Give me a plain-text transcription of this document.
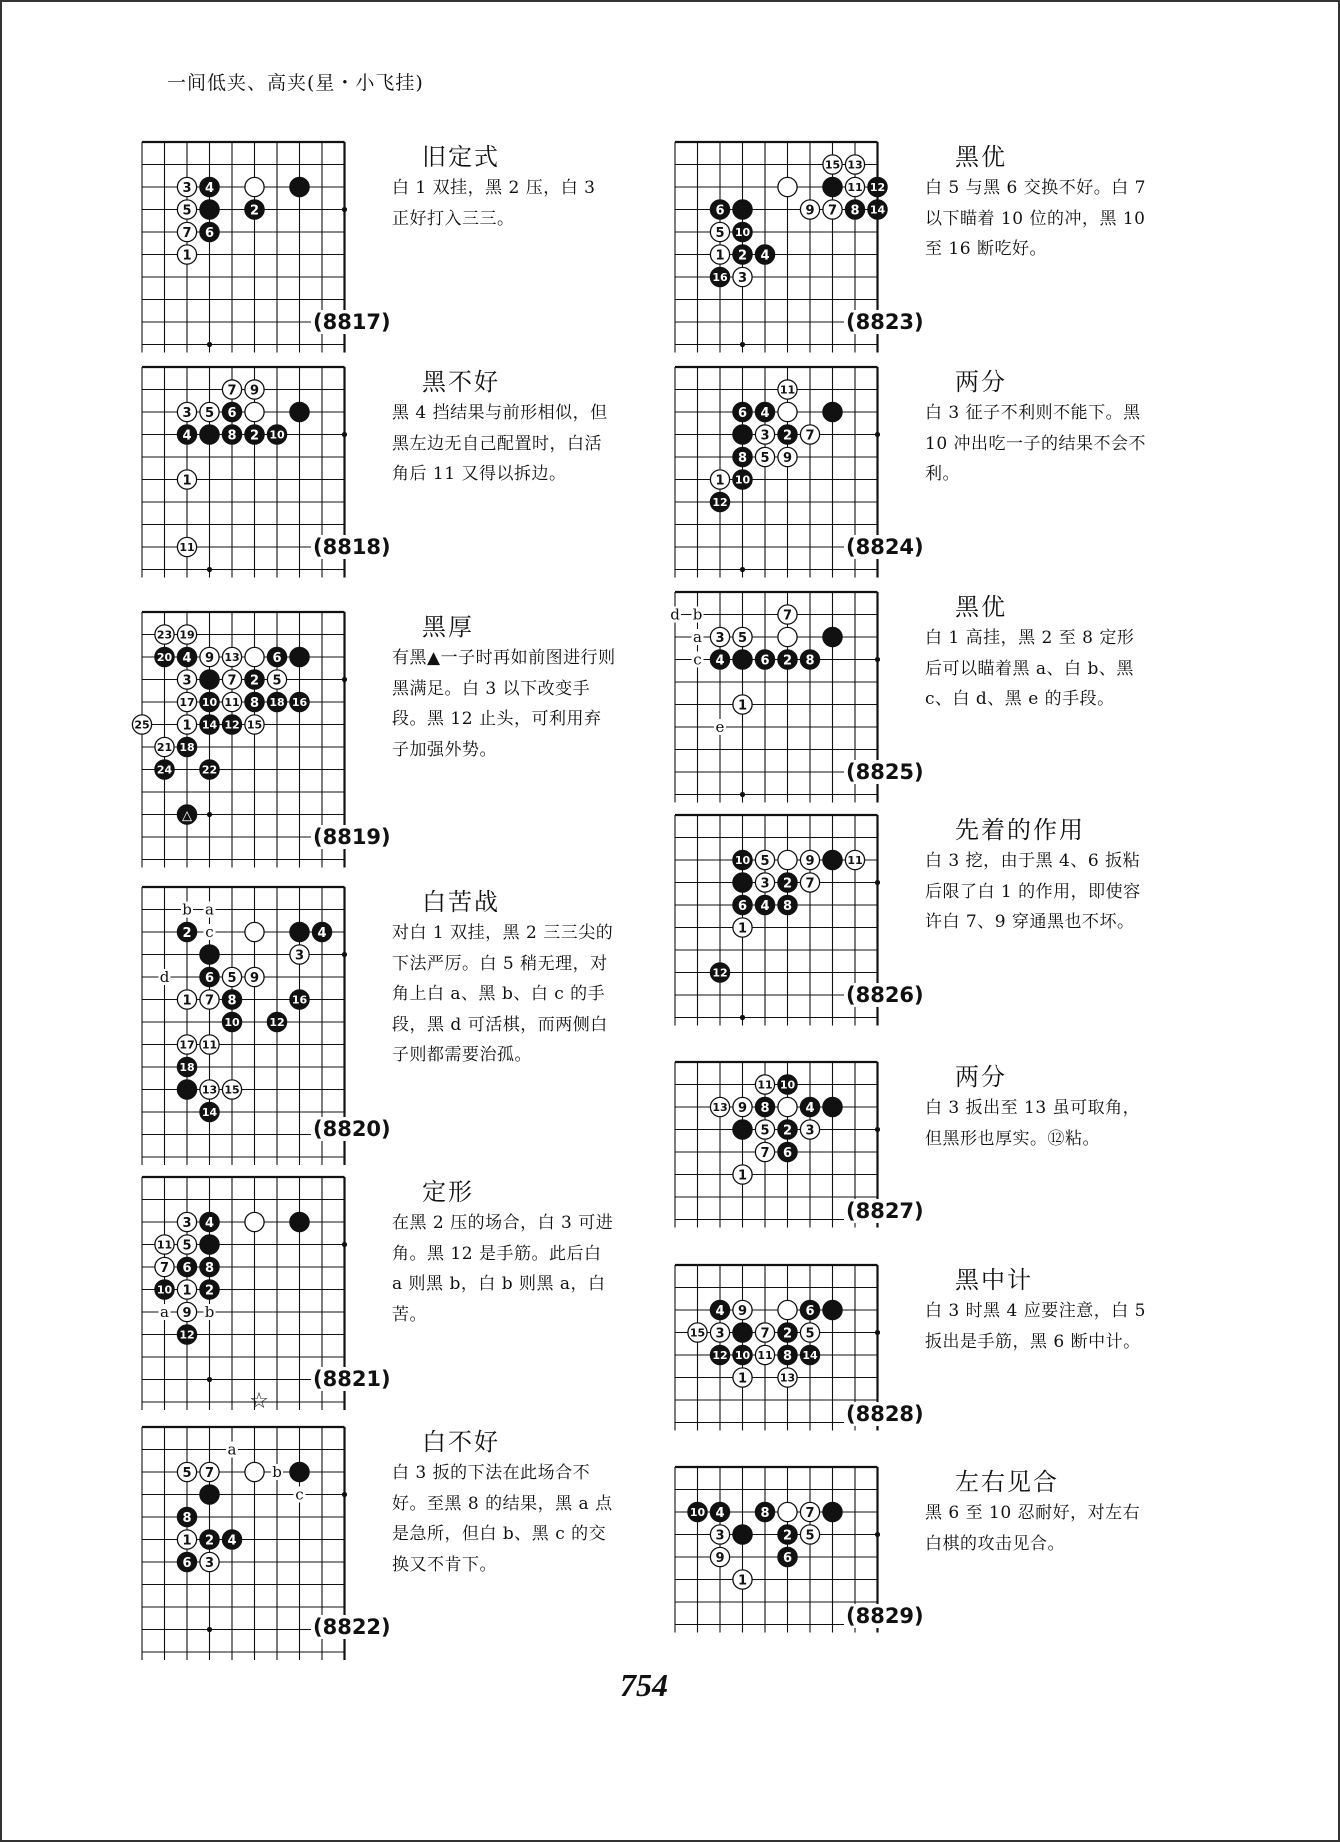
一间低夹、高夹(星・小飞挂)
3 4
5	2
7 6
1
旧定式
白 1 双挂，黑 2 压，白 3 正好打入三三。
(8817)
7 9
3 5 6
4	8 2 10
1
11
黑不好
黑 4 挡结果与前形相似，但黑左边无自己配置时，白活角后 11 又得以拆边。
(8818)
23 19
20 4 9 13	6
3	7 2 5
17 10 11 8 18 16
25	1 14 12 15
21 18
24	22
△
黑厚
有黑▲一子时再如前图进行则黑满足。白 3 以下改变手段。黑 12 止头，可利用弃子加强外势。
(8819)
b a
c
d
2	4
3
6 5 9
1 7 8	16
10	12
17 11
18
13 15
14
白苦战
对白 1 双挂，黑 2 三三尖的下法严厉。白 5 稍无理，对角上白 a、黑 b、白 c 的手段，黑 d 可活棋，而两侧白子则都需要治孤。
(8820)
a b
3 4
11 5
7 6 8
10 1 2
9
12
☆
定形
在黑 2 压的场合，白 3 可进角。黑 12 是手筋。此后白 a 则黑 b，白 b 则黑 a，白苦。
(8821)
a
b
c
5 7
8
1 2 4
6 3
白不好
白 3 扳的下法在此场合不好。至黑 8 的结果，黑 a 点是急所，但白 b、黑 c 的交换又不肯下。
(8822)
15 13
11 12
6	9 7 8 14
5 10
1 2 4
16 3
黑优
白 5 与黑 6 交换不好。白 7 以下瞄着 10 位的冲，黑 10 至 16 断吃好。
(8823)
11
6 4
3 2 7
8 5 9
1 10
12
两分
白 3 征子不利则不能下。黑 10 冲出吃一子的结果不会不利。
(8824)
d b
a
c
e
7
3 5
4	6 2 8
1
黑优
白 1 高挂，黑 2 至 8 定形后可以瞄着黑 a、白 b、黑 c、白 d、黑 e 的手段。
(8825)
10 5	9	11
3 2 7
6 4 8
1
12
先着的作用
白 3 挖，由于黑 4、6 扳粘后限了白 1 的作用，即使容许白 7、9 穿通黑也不坏。
(8826)
11 10
13 9 8	4
5 2 3
7 6
1
两分
白 3 扳出至 13 虽可取角，但黑形也厚实。⑫粘。
(8827)
4 9	6
15 3	7 2 5
12 10 11 8 14
1	13
黑中计
白 3 时黑 4 应要注意，白 5 扳出是手筋，黑 6 断中计。
(8828)
10 4	8	7
3	2 5
9	6
1
左右见合
黑 6 至 10 忍耐好，对左右白棋的攻击见合。
(8829)
754
